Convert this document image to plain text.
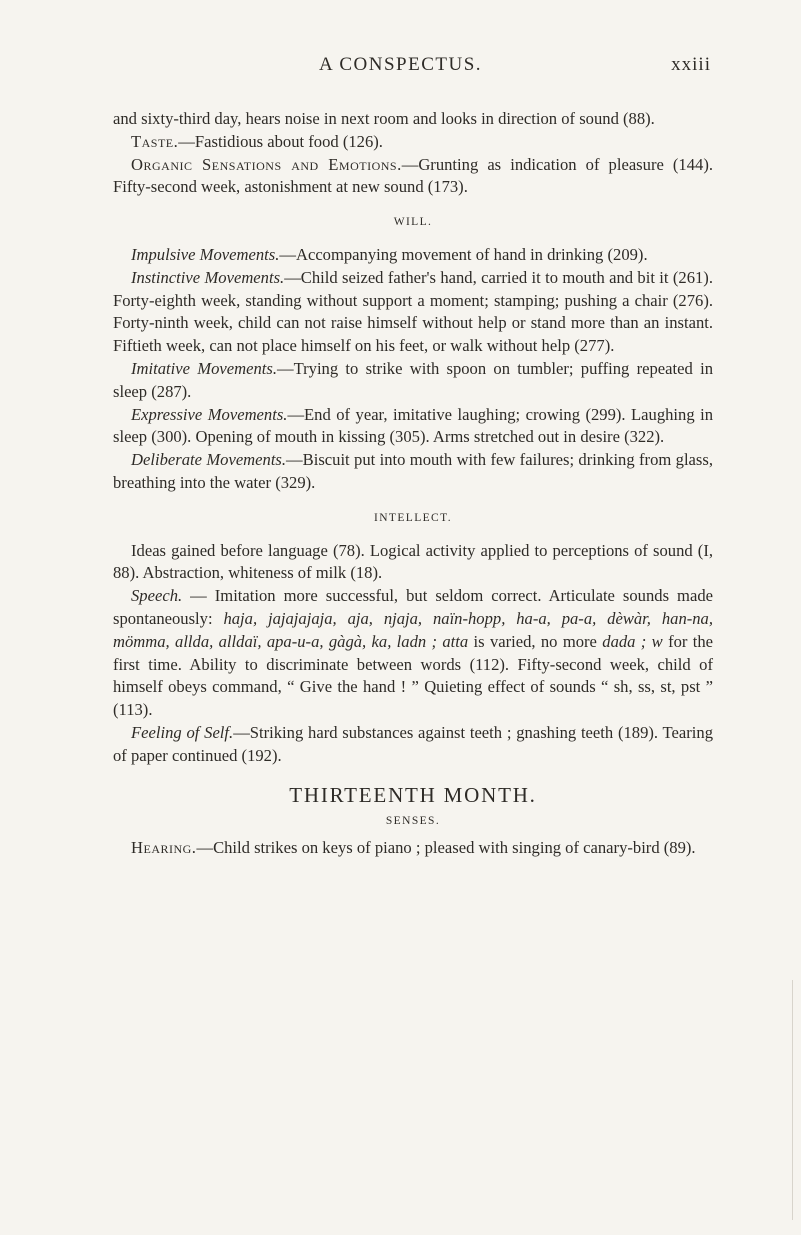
A CONSPECTUS.	xxiii

and sixty-third day, hears noise in next room and looks in direction of sound (88).

Taste.—Fastidious about food (126).

Organic Sensations and Emotions.—Grunting as indication of pleasure (144). Fifty-second week, astonishment at new sound (173).

WILL.

Impulsive Movements.—Accompanying movement of hand in drinking (209).

Instinctive Movements.—Child seized father's hand, carried it to mouth and bit it (261). Forty-eighth week, standing without support a moment; stamping; pushing a chair (276). Forty-ninth week, child can not raise himself without help or stand more than an instant. Fiftieth week, can not place himself on his feet, or walk without help (277).

Imitative Movements.—Trying to strike with spoon on tumbler; puffing repeated in sleep (287).

Expressive Movements.—End of year, imitative laughing; crowing (299). Laughing in sleep (300). Opening of mouth in kissing (305). Arms stretched out in desire (322).

Deliberate Movements.—Biscuit put into mouth with few failures; drinking from glass, breathing into the water (329).

INTELLECT.

Ideas gained before language (78). Logical activity applied to perceptions of sound (I, 88). Abstraction, whiteness of milk (18).

Speech. — Imitation more successful, but seldom correct. Articulate sounds made spontaneously: haja, jajajajaja, aja, njaja, naïn-hopp, ha-a, pa-a, dèwàr, han-na, mömma, allda, alldaï, apa-u-a, gàgà, ka, ladn ; atta is varied, no more dada ; w for the first time. Ability to discriminate between words (112). Fifty-second week, child of himself obeys command, “ Give the hand ! ” Quieting effect of sounds “ sh, ss, st, pst ” (113).

Feeling of Self.—Striking hard substances against teeth ; gnashing teeth (189). Tearing of paper continued (192).

THIRTEENTH MONTH.
SENSES.

Hearing.—Child strikes on keys of piano ; pleased with singing of canary-bird (89).
